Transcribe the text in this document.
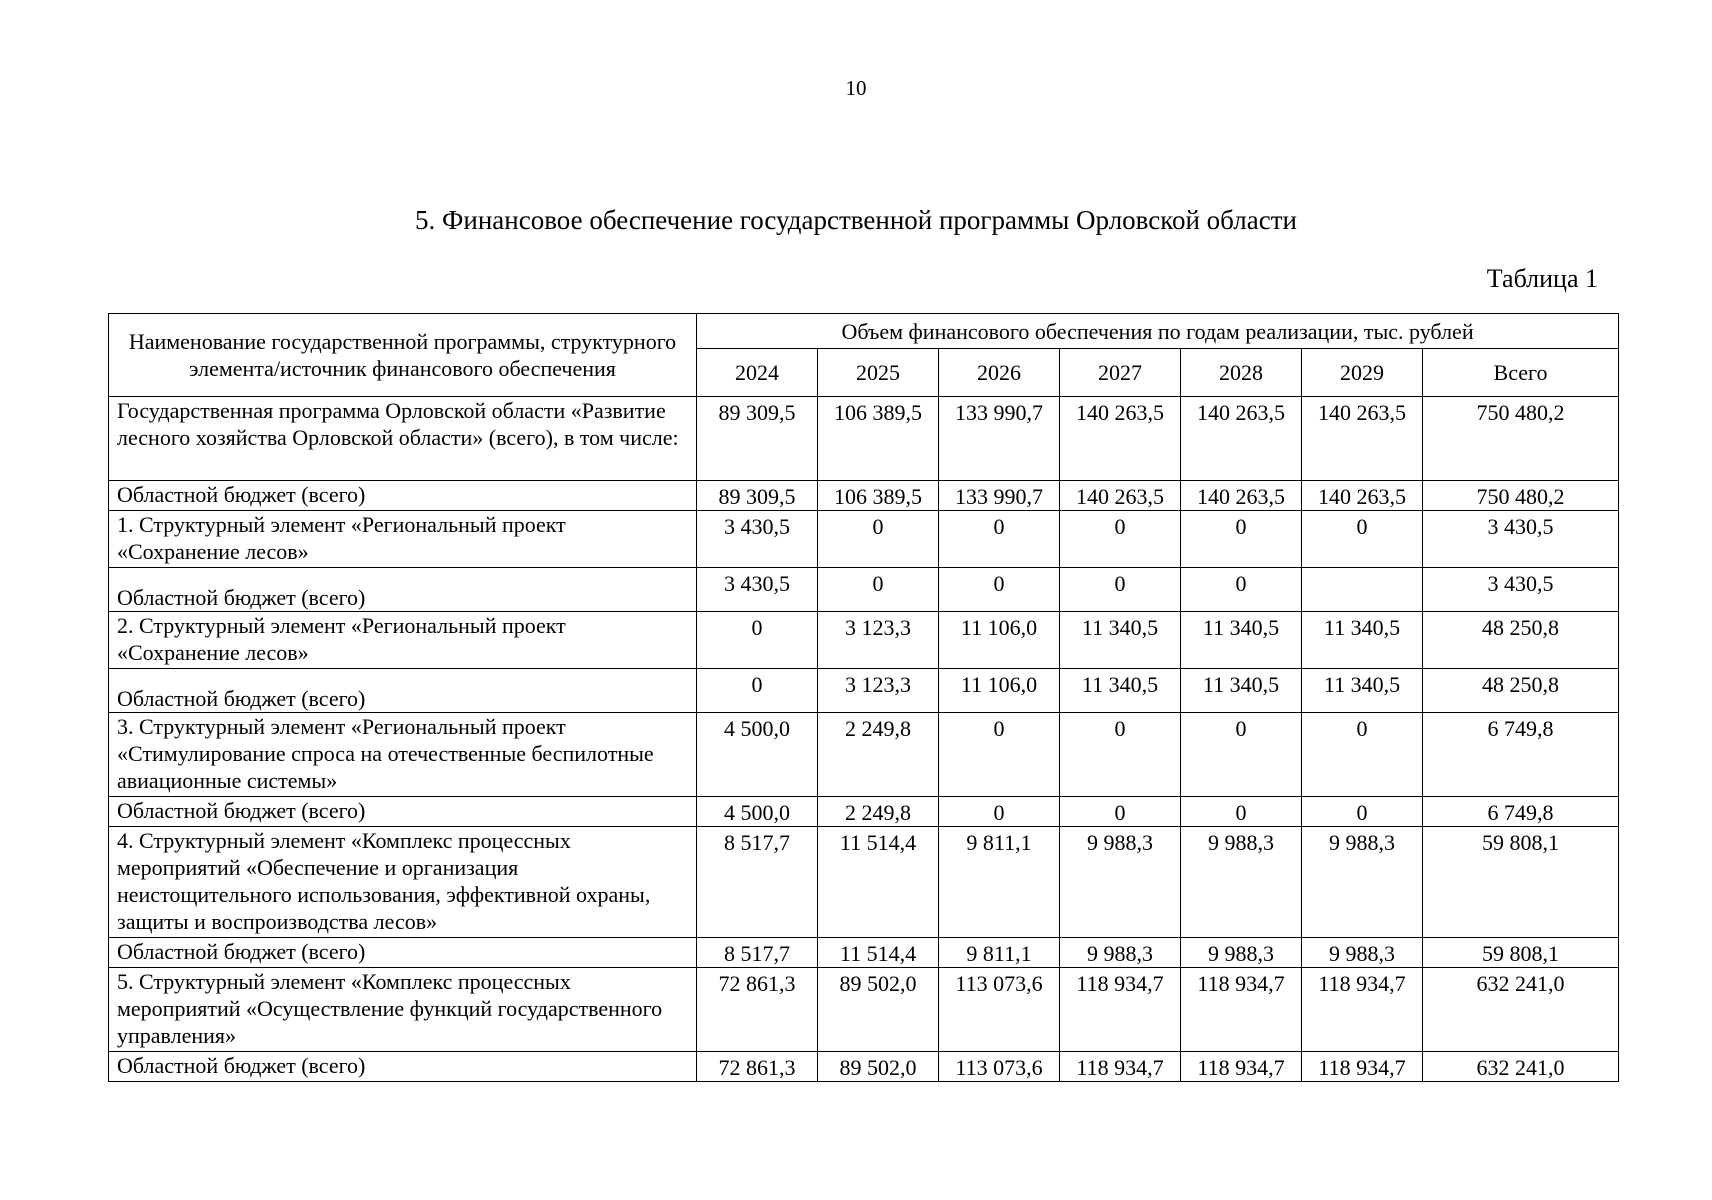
10
5. Финансовое обеспечение государственной программы Орловской области
Таблица 1
Наименование государственной программы, структурного элемента/источник финансового обеспечения	Объем финансового обеспечения по годам реализации, тыс. рублей						
	2024	2025	2026	2027	2028	2029	Всего
Государственная программа Орловской области «Развитие лесного хозяйства Орловской области» (всего), в том числе:	89 309,5	106 389,5	133 990,7	140 263,5	140 263,5	140 263,5	750 480,2
Областной бюджет (всего)	89 309,5	106 389,5	133 990,7	140 263,5	140 263,5	140 263,5	750 480,2
1. Структурный элемент «Региональный проект «Сохранение лесов»	3 430,5	0	0	0	0	0	3 430,5
Областной бюджет (всего)	3 430,5	0	0	0	0		3 430,5
2. Структурный элемент «Региональный проект «Сохранение лесов»	0	3 123,3	11 106,0	11 340,5	11 340,5	11 340,5	48 250,8
Областной бюджет (всего)	0	3 123,3	11 106,0	11 340,5	11 340,5	11 340,5	48 250,8
3. Структурный элемент «Региональный проект «Стимулирование спроса на отечественные беспилотные авиационные системы»	4 500,0	2 249,8	0	0	0	0	6 749,8
Областной бюджет (всего)	4 500,0	2 249,8	0	0	0	0	6 749,8
4. Структурный элемент «Комплекс процессных мероприятий «Обеспечение и организация неистощительного использования, эффективной охраны, защиты и воспроизводства лесов»	8 517,7	11 514,4	9 811,1	9 988,3	9 988,3	9 988,3	59 808,1
Областной бюджет (всего)	8 517,7	11 514,4	9 811,1	9 988,3	9 988,3	9 988,3	59 808,1
5. Структурный элемент «Комплекс процессных мероприятий «Осуществление функций государственного управления»	72 861,3	89 502,0	113 073,6	118 934,7	118 934,7	118 934,7	632 241,0
Областной бюджет (всего)	72 861,3	89 502,0	113 073,6	118 934,7	118 934,7	118 934,7	632 241,0
